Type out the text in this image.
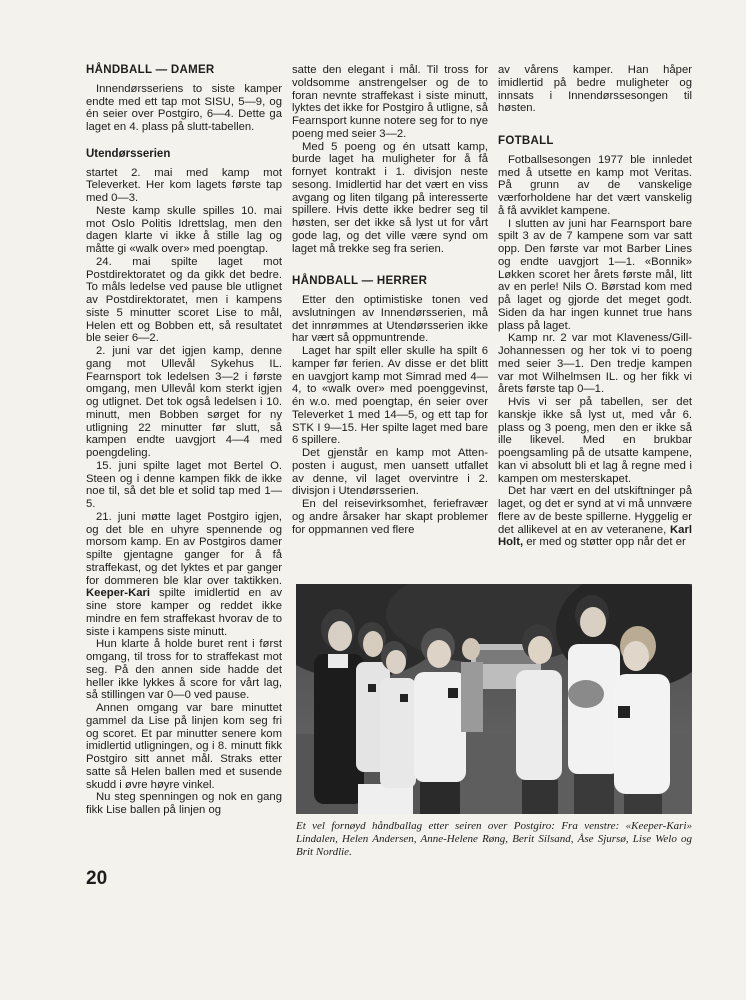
HÅNDBALL — DAMER

Innendørsseriens to siste kamper endte med ett tap mot SISU, 5—9, og én seier over Postgiro, 6—4. Dette ga laget en 4. plass på slutt-tabellen.

Utendørsserien

startet 2. mai med kamp mot Televerket. Her kom lagets første tap med 0—3.

Neste kamp skulle spilles 10. mai mot Oslo Politis Idrettslag, men den dagen klarte vi ikke å stille lag og måtte gi «walk over» med poengtap.

24. mai spilte laget mot Postdirektoratet og da gikk det bedre. To måls ledelse ved pause ble utlignet av Postdirektoratet, men i kampens siste 5 minutter scoret Lise to mål, Helen ett og Bobben ett, så resultatet ble seier 6—2.

2. juni var det igjen kamp, denne gang mot Ullevål Sykehus IL. Fearnsport tok ledelsen 3—2 i første omgang, men Ullevål kom sterkt igjen og utlignet. Det tok også ledelsen i 10. minutt, men Bobben sørget for ny utligning 22 minutter før slutt, så kampen endte uavgjort 4—4 med poengdeling.

15. juni spilte laget mot Bertel O. Steen og i denne kampen fikk de ikke noe til, så det ble et solid tap med 1—5.

21. juni møtte laget Postgiro igjen, og det ble en uhyre spennende og morsom kamp. En av Postgiros damer spilte gjentagne ganger for å få straffekast, og det lyktes et par ganger for dommeren ble klar over taktikken. Keeper-Kari spilte imidlertid en av sine store kamper og reddet ikke mindre en fem straffekast hvorav de to siste i kampens siste minutt.

Hun klarte å holde buret rent i først omgang, til tross for to straffekast mot seg. På den annen side hadde det heller ikke lykkes å score for vårt lag, så stillingen var 0—0 ved pause.

Annen omgang var bare minuttet gammel da Lise på linjen kom seg fri og scoret. Et par minutter senere kom imidlertid utligningen, og i 8. minutt fikk Postgiro sitt annet mål. Straks etter satte så Helen ballen med et susende skudd i øvre høyre vinkel.

Nu steg spenningen og nok en gang fikk Lise ballen på linjen og

satte den elegant i mål. Til tross for voldsomme anstrengelser og de to foran nevnte straffekast i siste minutt, lyktes det ikke for Postgiro å utligne, så Fearnsport kunne notere seg for to nye poeng med seier 3—2.

Med 5 poeng og én utsatt kamp, burde laget ha muligheter for å få fornyet kontrakt i 1. divisjon neste sesong. Imidlertid har det vært en viss avgang og liten tilgang på interesserte spillere. Hvis dette ikke bedrer seg til høsten, ser det ikke så lyst ut for vårt gode lag, og det ville være synd om laget må trekke seg fra serien.

HÅNDBALL — HERRER

Etter den optimistiske tonen ved avslutningen av Innendørsserien, må det innrømmes at Utendørsserien ikke har vært så oppmuntrende.

Laget har spilt eller skulle ha spilt 6 kamper før ferien. Av disse er det blitt en uavgjort kamp mot Simrad med 4—4, to «walk over» med poenggevinst, én w.o. med poengtap, én seier over Televerket 1 med 14—5, og ett tap for STK I 9—15. Her spilte laget med bare 6 spillere.

Det gjenstår en kamp mot Atten-posten i august, men uansett utfallet av denne, vil laget overvintre i 2. divisjon i Utendørsserien.

En del reisevirksomhet, feriefravær og andre årsaker har skapt problemer for oppmannen ved flere

av vårens kamper. Han håper imidlertid på bedre muligheter og innsats i Innendørssesongen til høsten.

FOTBALL

Fotballsesongen 1977 ble innledet med å utsette en kamp mot Veritas. På grunn av de vanskelige værforholdene har det vært vanskelig å få avviklet kampene.

I slutten av juni har Fearnsport bare spilt 3 av de 7 kampene som var satt opp. Den første var mot Barber Lines og endte uavgjort 1—1. «Bonnik» Løkken scoret her årets første mål, litt av en perle! Nils O. Børstad kom med på laget og gjorde det meget godt. Siden da har ingen kunnet true hans plass på laget.

Kamp nr. 2 var mot Klaveness/Gill-Johannessen og her tok vi to poeng med seier 3—1. Den tredje kampen var mot Wilhelmsen IL. og her fikk vi årets første tap 0—1.

Hvis vi ser på tabellen, ser det kanskje ikke så lyst ut, med vår 6. plass og 3 poeng, men den er ikke så ille likevel. Med en brukbar poengsamling på de utsatte kampene, kan vi absolutt bli et lag å regne med i kampen om mesterskapet.

Det har vært en del utskiftninger på laget, og det er synd at vi må unnvære flere av de beste spillerne. Hyggelig er det allikevel at en av veteranene, Karl Holt, er med og støtter opp når det er

Et vel fornøyd håndballag etter seiren over Postgiro: Fra venstre: «Keeper-Kari» Lindalen, Helen Andersen, Anne-Helene Røng, Berit Silsand, Åse Sjursø, Lise Welo og Brit Nordlie.
20
